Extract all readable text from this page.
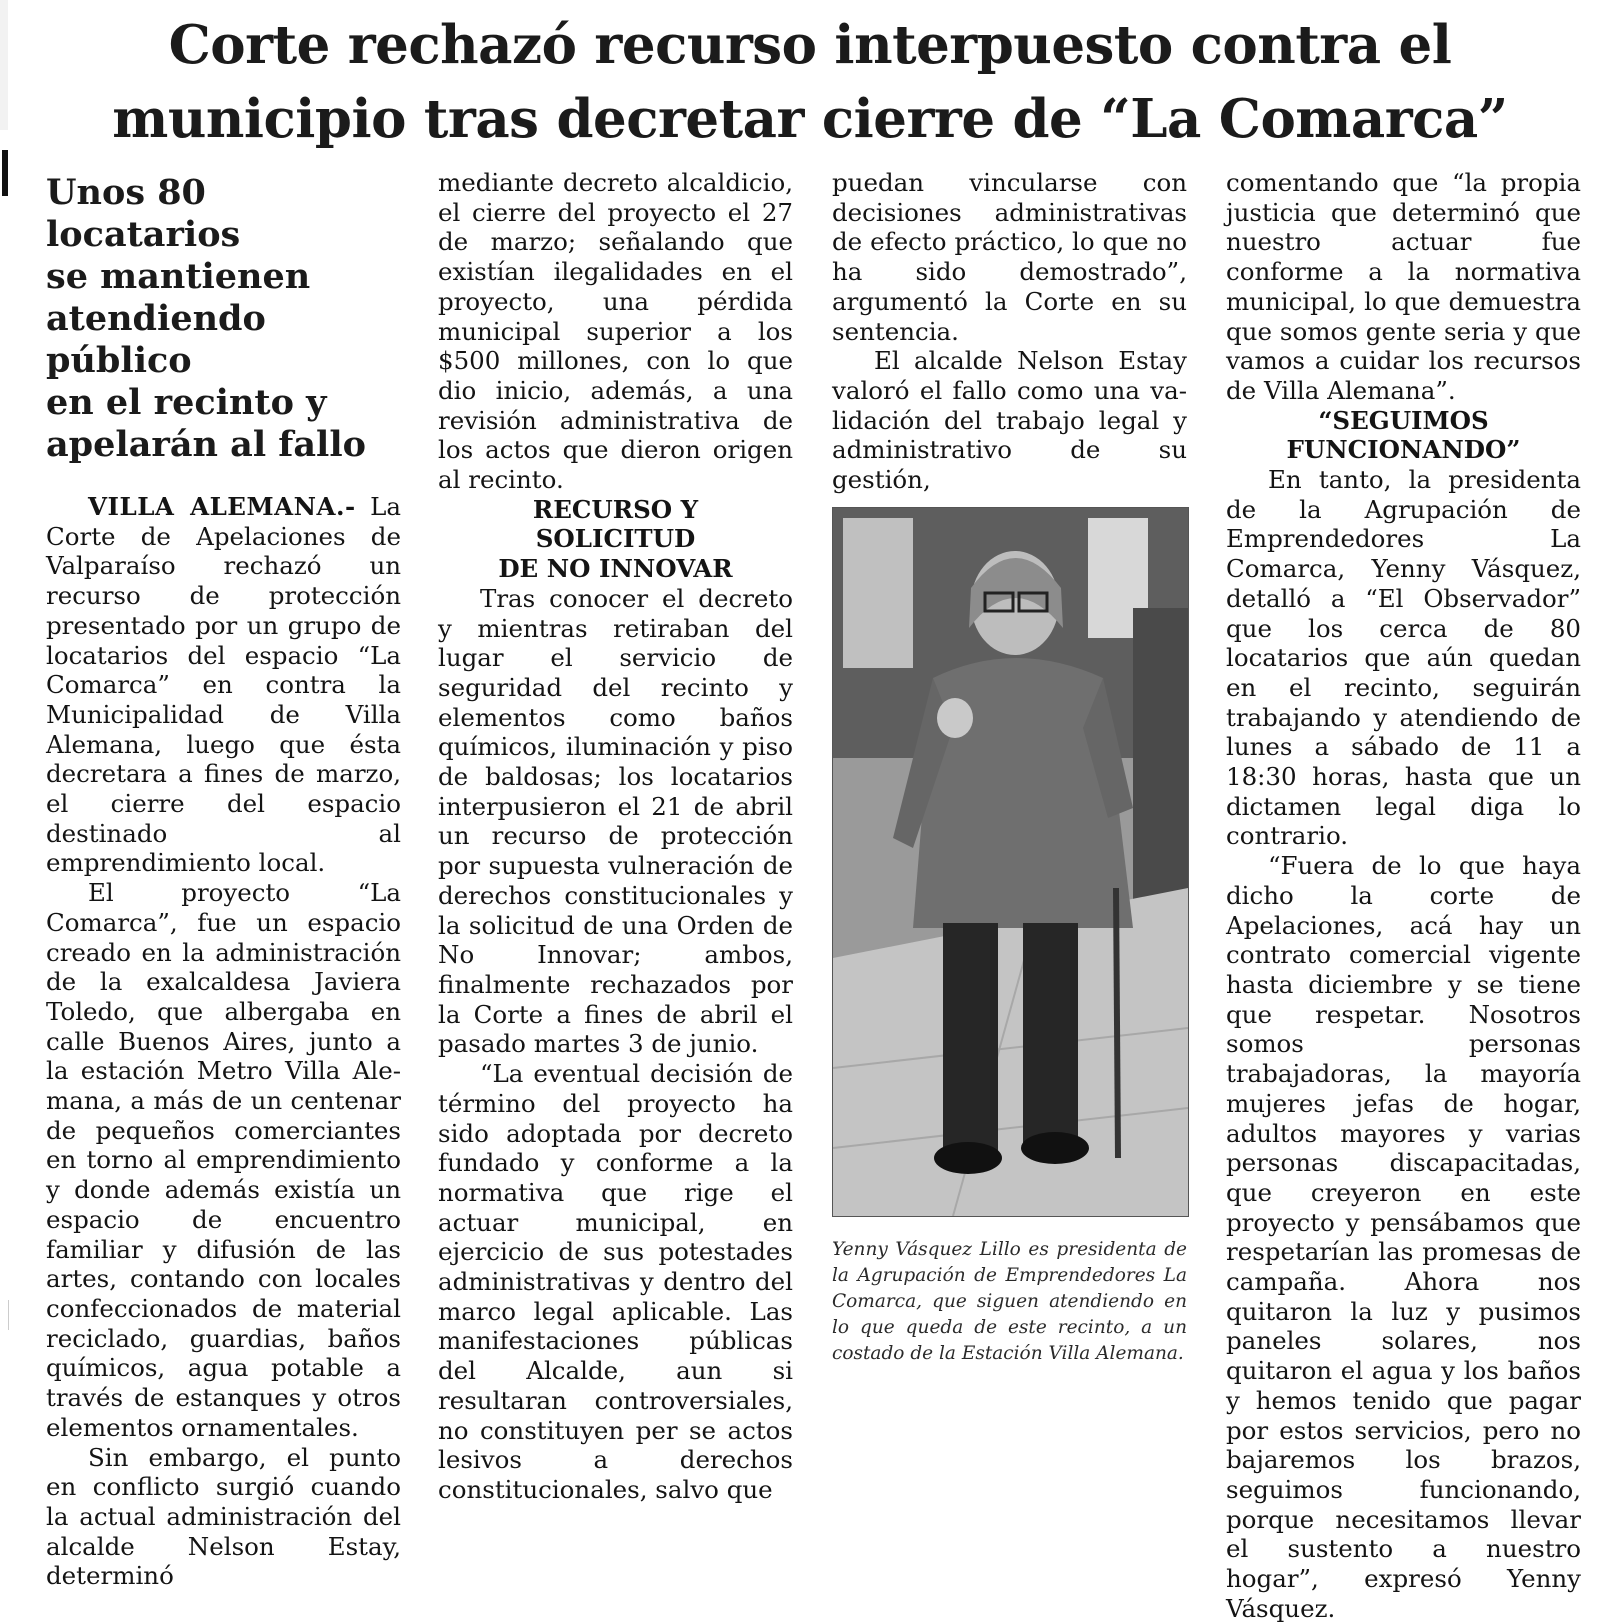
Corte rechazó recurso interpuesto contra el
municipio tras decretar cierre de “La Comarca”
Unos 80 locatarios
se mantienen
atendiendo público
en el recinto y
apelarán al fallo

VILLA ALEMANA.- La Corte de Apelaciones de Valparaíso rechazó un recurso de protección presentado por un grupo de locatarios del espacio “La Comarca” en contra la Municipalidad de Villa Alemana, luego que ésta decretara a fines de marzo, el cierre del espacio destinado al emprendimiento local.

El proyecto “La Comarca”, fue un espacio creado en la administración de la exalcaldesa Javiera Toledo, que albergaba en calle Buenos Aires, junto a la estación Metro Villa Alemana, a más de un centenar de pequeños comerciantes en torno al emprendimiento y donde además existía un espacio de encuentro familiar y difusión de las artes, contando con locales confeccionados de material reciclado, guardias, baños químicos, agua potable a través de estanques y otros elementos ornamentales.

Sin embargo, el punto en conflicto surgió cuando la actual administración del alcalde Nelson Estay, determinó

mediante decreto alcaldicio, el cierre del proyecto el 27 de marzo; señalando que existían ilegalidades en el proyecto, una pérdida municipal superior a los $500 millones, con lo que dio inicio, además, a una revisión administrativa de los actos que dieron origen al recinto.

RECURSO Y
SOLICITUD
DE NO INNOVAR

Tras conocer el decreto y mientras retiraban del lugar el servicio de seguridad del recinto y elementos como baños químicos, iluminación y piso de baldosas; los locatarios interpusieron el 21 de abril un recurso de protección por supuesta vulneración de derechos constitucionales y la solicitud de una Orden de No Innovar; ambos, finalmente rechazados por la Corte a fines de abril el pasado martes 3 de junio.

“La eventual decisión de término del proyecto ha sido adoptada por decreto fundado y conforme a la normativa que rige el actuar municipal, en ejercicio de sus potestades administrativas y dentro del marco legal aplicable. Las manifestaciones públicas del Alcalde, aun si resultaran controversiales, no constituyen per se actos lesivos a derechos constitucionales, salvo que

puedan vincularse con decisiones administrativas de efecto práctico, lo que no ha sido demostrado”, argumentó la Corte en su sentencia.

El alcalde Nelson Estay valoró el fallo como una validación del trabajo legal y administrativo de su gestión,

Yenny Vásquez Lillo es presidenta de la Agrupación de Emprendedores La Comarca, que siguen atendiendo en lo que queda de este recinto, a un costado de la Estación Villa Alemana.

comentando que “la propia justicia que determinó que nuestro actuar fue conforme a la normativa municipal, lo que demuestra que somos gente seria y que vamos a cuidar los recursos de Villa Alemana”.

“SEGUIMOS
FUNCIONANDO”

En tanto, la presidenta de la Agrupación de Emprendedores La Comarca, Yenny Vásquez, detalló a “El Observador” que los cerca de 80 locatarios que aún quedan en el recinto, seguirán trabajando y atendiendo de lunes a sábado de 11 a 18:30 horas, hasta que un dictamen legal diga lo contrario.

“Fuera de lo que haya dicho la corte de Apelaciones, acá hay un contrato comercial vigente hasta diciembre y se tiene que respetar. Nosotros somos personas trabajadoras, la mayoría mujeres jefas de hogar, adultos mayores y varias personas discapacitadas, que creyeron en este proyecto y pensábamos que respetarían las promesas de campaña. Ahora nos quitaron la luz y pusimos paneles solares, nos quitaron el agua y los baños y hemos tenido que pagar por estos servicios, pero no bajaremos los brazos, seguimos funcionando, porque necesitamos llevar el sustento a nuestro hogar”, expresó Yenny Vásquez.
